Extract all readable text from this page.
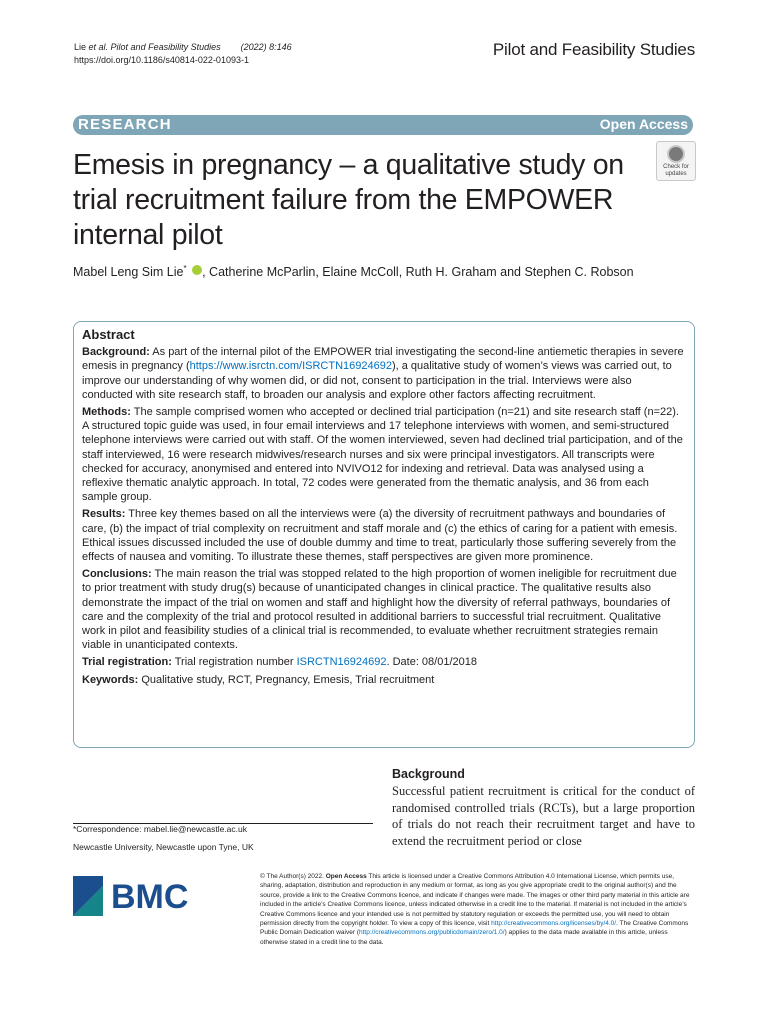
Lie et al. Pilot and Feasibility Studies (2022) 8:146
https://doi.org/10.1186/s40814-022-01093-1
Pilot and Feasibility Studies
RESEARCH	Open Access
Check for
updates
Emesis in pregnancy – a qualitative study on trial recruitment failure from the EMPOWER internal pilot
Mabel Leng Sim Lie* , Catherine McParlin, Elaine McColl, Ruth H. Graham and Stephen C. Robson

Abstract

Background: As part of the internal pilot of the EMPOWER trial investigating the second-line antiemetic therapies in severe emesis in pregnancy (https://www.isrctn.com/ISRCTN16924692), a qualitative study of women’s views was carried out, to improve our understanding of why women did, or did not, consent to participation in the trial. Interviews were also conducted with site research staff, to broaden our analysis and explore other factors affecting recruitment.

Methods: The sample comprised women who accepted or declined trial participation (n=21) and site research staff (n=22). A structured topic guide was used, in four email interviews and 17 telephone interviews with women, and semi-structured telephone interviews were carried out with staff. Of the women interviewed, seven had declined trial participation, and of the staff interviewed, 16 were research midwives/research nurses and six were principal investigators. All transcripts were checked for accuracy, anonymised and entered into NVIVO12 for indexing and retrieval. Data was analysed using a reflexive thematic analytic approach. In total, 72 codes were generated from the thematic analysis, and 36 from each sample group.

Results: Three key themes based on all the interviews were (a) the diversity of recruitment pathways and boundaries of care, (b) the impact of trial complexity on recruitment and staff morale and (c) the ethics of caring for a patient with emesis. Ethical issues discussed included the use of double dummy and time to treat, particularly those suffering severely from the effects of nausea and vomiting. To illustrate these themes, staff perspectives are given more prominence.

Conclusions: The main reason the trial was stopped related to the high proportion of women ineligible for recruitment due to prior treatment with study drug(s) because of unanticipated changes in clinical practice. The qualitative results also demonstrate the impact of the trial on women and staff and highlight how the diversity of referral pathways, boundaries of care and the complexity of the trial and protocol resulted in additional barriers to successful trial recruitment. Qualitative work in pilot and feasibility studies of a clinical trial is recommended, to evaluate whether recruitment strategies remain viable in unanticipated contexts.

Trial registration: Trial registration number ISRCTN16924692. Date: 08/01/2018

Keywords: Qualitative study, RCT, Pregnancy, Emesis, Trial recruitment

Background
Successful patient recruitment is critical for the conduct of randomised controlled trials (RCTs), but a large proportion of trials do not reach their recruitment target and have to extend the recruitment period or close
*Correspondence: mabel.lie@newcastle.ac.uk
Newcastle University, Newcastle upon Tyne, UK
BMC
© The Author(s) 2022. Open Access This article is licensed under a Creative Commons Attribution 4.0 International License, which permits use, sharing, adaptation, distribution and reproduction in any medium or format, as long as you give appropriate credit to the original author(s) and the source, provide a link to the Creative Commons licence, and indicate if changes were made. The images or other third party material in this article are included in the article’s Creative Commons licence, unless indicated otherwise in a credit line to the material. If material is not included in the article’s Creative Commons licence and your intended use is not permitted by statutory regulation or exceeds the permitted use, you will need to obtain permission directly from the copyright holder. To view a copy of this licence, visit http://creativecommons.org/licenses/by/4.0/. The Creative Commons Public Domain Dedication waiver (http://creativecommons.org/publicdomain/zero/1.0/) applies to the data made available in this article, unless otherwise stated in a credit line to the data.
